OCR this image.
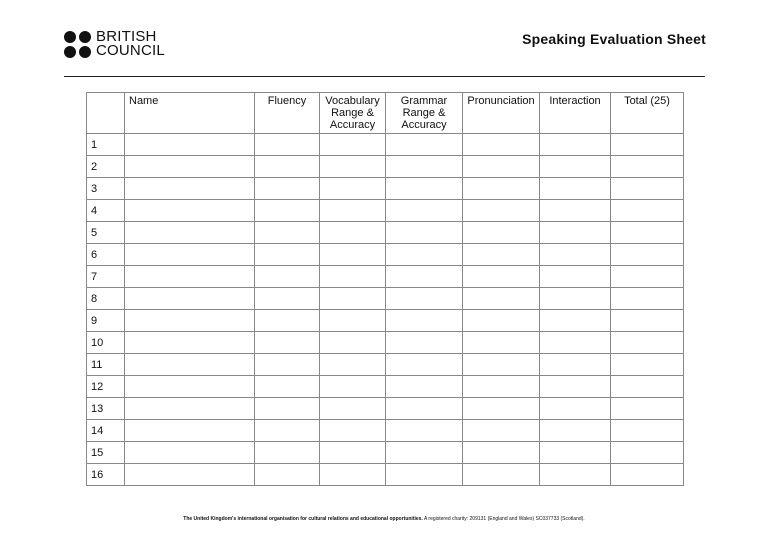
BRITISH
COUNCIL
Speaking Evaluation Sheet
	Name	Fluency	Vocabulary
Range &
Accuracy	Grammar
Range &
Accuracy	Pronunciation	Interaction	Total (25)
1							
2							
3							
4							
5							
6							
7							
8							
9							
10							
11							
12							
13							
14							
15							
16							
The United Kingdom's international organisation for cultural relations and educational opportunities. A registered charity: 209131 (England and Wales) SC037733 (Scotland).
